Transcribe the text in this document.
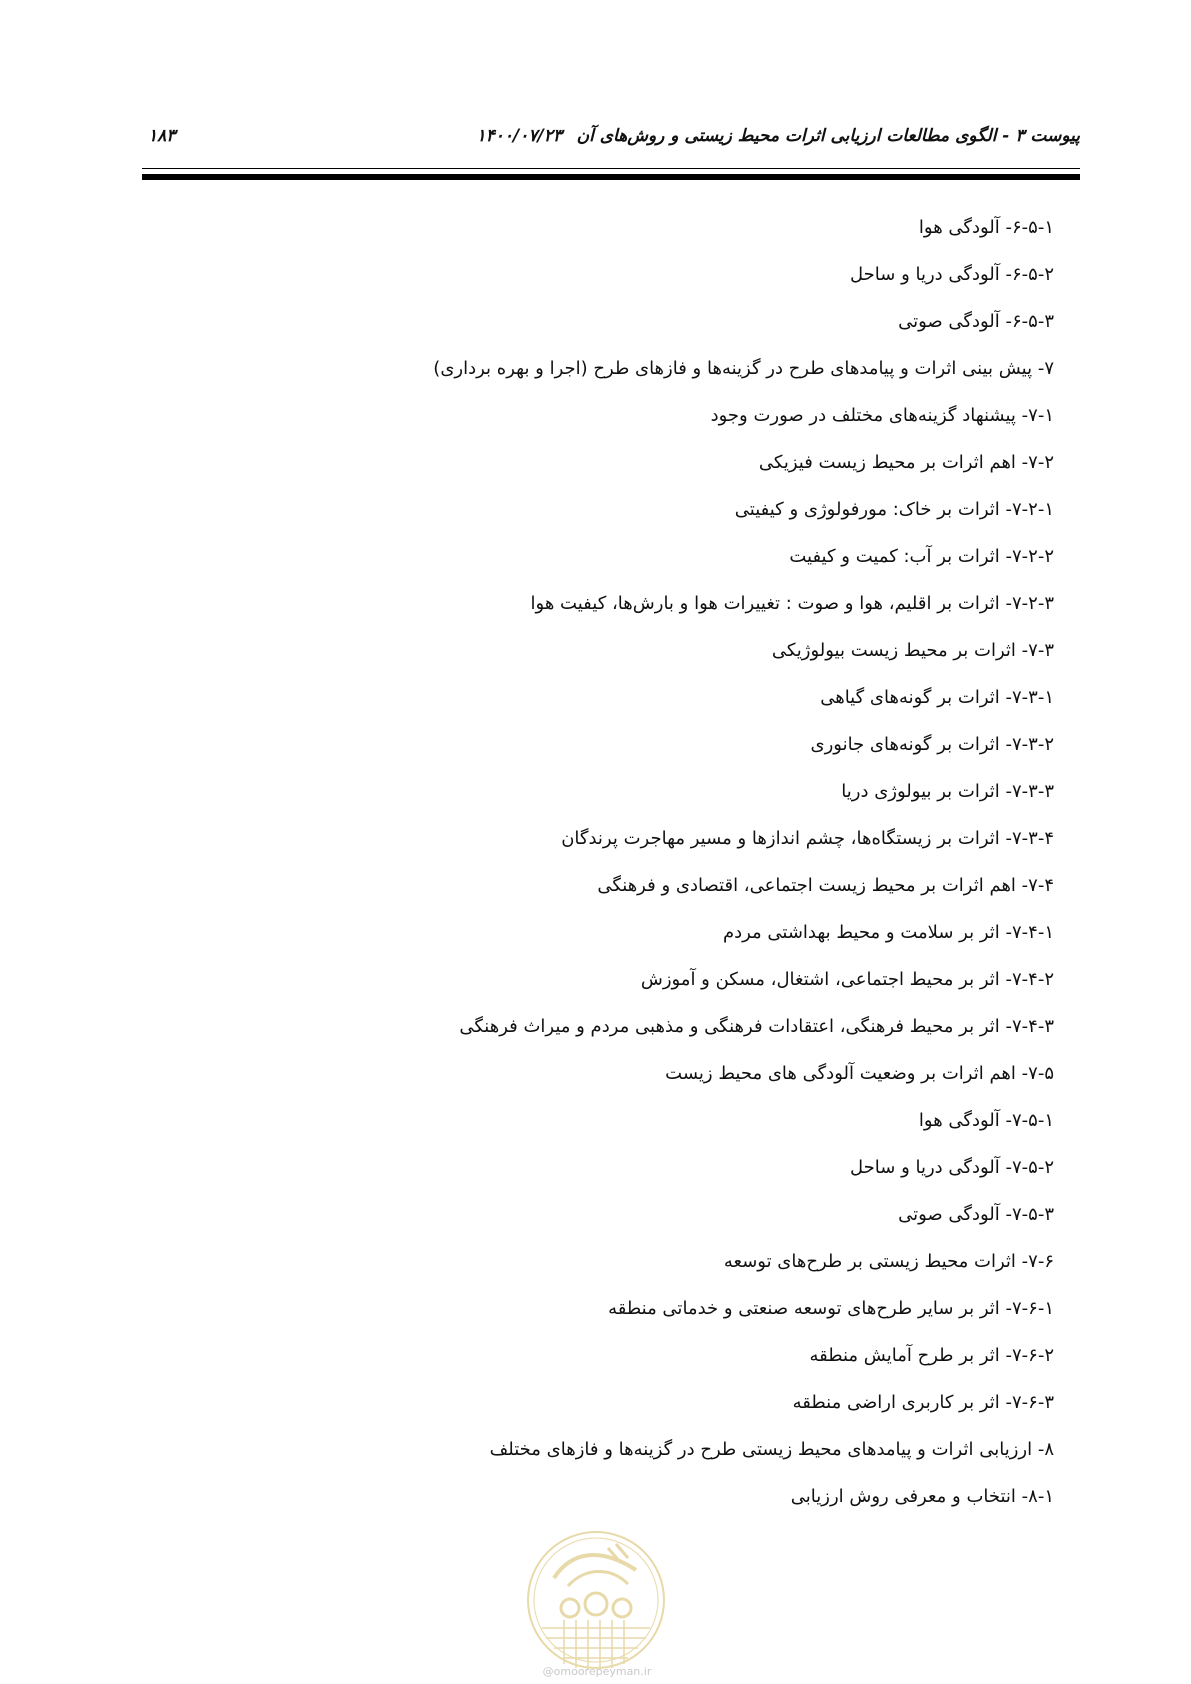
پیوست ۳ - الگوی مطالعات ارزیابی اثرات محیط زیستی و روش‌های آن
۱۴۰۰/۰۷/۲۳
۱۸۳
۶-۵-۱- آلودگی هوا
۶-۵-۲- آلودگی دریا و ساحل
۶-۵-۳- آلودگی صوتی
۷- پیش بینی اثرات و پیامدهای طرح در گزینه‌ها و فازهای طرح (اجرا و بهره برداری)
۷-۱- پیشنهاد گزینه‌های مختلف در صورت وجود
۷-۲- اهم اثرات بر محیط زیست فیزیکی
۷-۲-۱- اثرات بر خاک: مورفولوژی و کیفیتی
۷-۲-۲- اثرات بر آب: کمیت و کیفیت
۷-۲-۳- اثرات بر اقلیم، هوا و صوت : تغییرات هوا و بارش‌ها، کیفیت هوا
۷-۳- اثرات بر محیط زیست بیولوژیکی
۷-۳-۱- اثرات بر گونه‌های گیاهی
۷-۳-۲- اثرات بر گونه‌های جانوری
۷-۳-۳- اثرات بر بیولوژی دریا
۷-۳-۴- اثرات بر زیستگاه‌ها، چشم اندازها و مسیر مهاجرت پرندگان
۷-۴- اهم اثرات بر محیط زیست اجتماعی، اقتصادی و فرهنگی
۷-۴-۱- اثر بر سلامت و محیط بهداشتی مردم
۷-۴-۲- اثر بر محیط اجتماعی، اشتغال، مسکن و آموزش
۷-۴-۳- اثر بر محیط فرهنگی، اعتقادات فرهنگی و مذهبی مردم و میراث فرهنگی
۷-۵- اهم اثرات بر وضعیت آلودگی های محیط زیست
۷-۵-۱- آلودگی هوا
۷-۵-۲- آلودگی دریا و ساحل
۷-۵-۳- آلودگی صوتی
۷-۶- اثرات محیط زیستی بر طرح‌های توسعه
۷-۶-۱- اثر بر سایر طرح‌های توسعه صنعتی و خدماتی منطقه
۷-۶-۲- اثر بر طرح آمایش منطقه
۷-۶-۳- اثر بر کاربری اراضی منطقه
۸- ارزیابی اثرات و پیامدهای محیط زیستی طرح در گزینه‌ها و فازهای مختلف
۸-۱- انتخاب و معرفی روش ارزیابی
@omoorepeyman.ir
